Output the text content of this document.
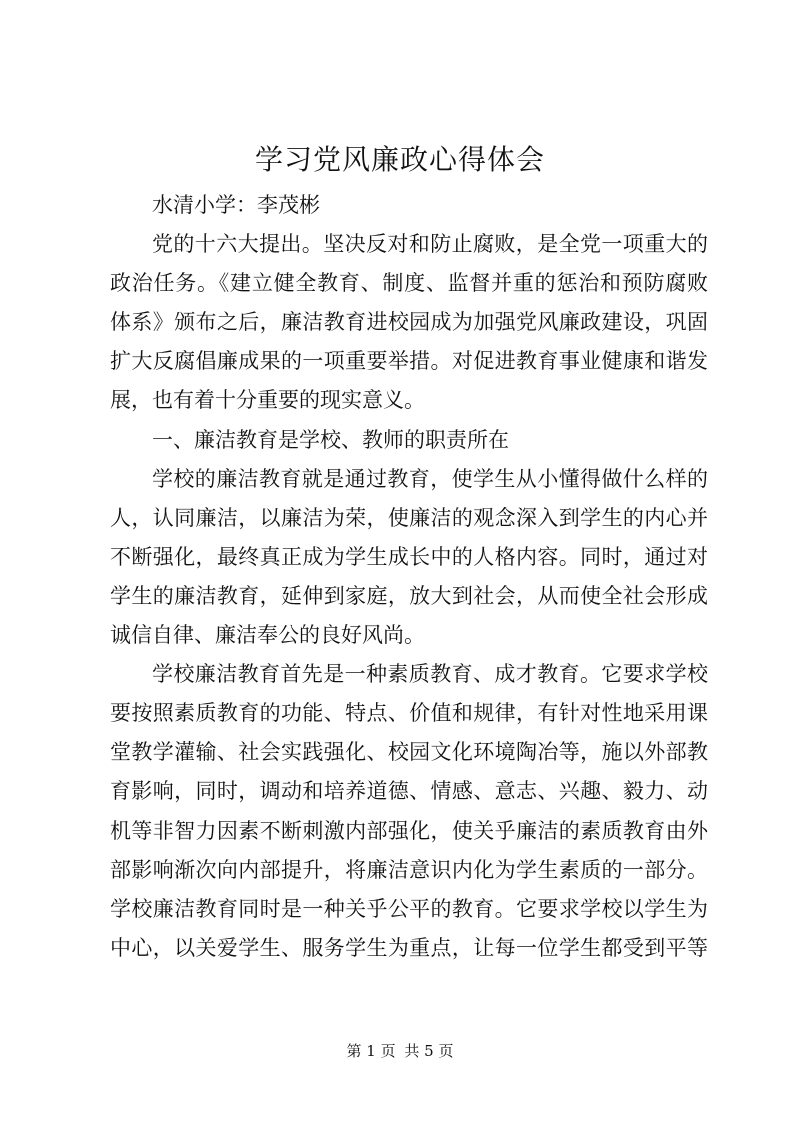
学习党风廉政心得体会
水清小学：李茂彬
党的十六大提出。坚决反对和防止腐败，是全党一项重大的
政治任务。《建立健全教育、制度、监督并重的惩治和预防腐败
体系》颁布之后，廉洁教育进校园成为加强党风廉政建设，巩固
扩大反腐倡廉成果的一项重要举措。对促进教育事业健康和谐发
展，也有着十分重要的现实意义。
一、廉洁教育是学校、教师的职责所在
学校的廉洁教育就是通过教育，使学生从小懂得做什么样的
人，认同廉洁，以廉洁为荣，使廉洁的观念深入到学生的内心并
不断强化，最终真正成为学生成长中的人格内容。同时，通过对
学生的廉洁教育，延伸到家庭，放大到社会，从而使全社会形成
诚信自律、廉洁奉公的良好风尚。
学校廉洁教育首先是一种素质教育、成才教育。它要求学校
要按照素质教育的功能、特点、价值和规律，有针对性地采用课
堂教学灌输、社会实践强化、校园文化环境陶冶等，施以外部教
育影响，同时，调动和培养道德、情感、意志、兴趣、毅力、动
机等非智力因素不断刺激内部强化，使关乎廉洁的素质教育由外
部影响渐次向内部提升，将廉洁意识内化为学生素质的一部分。
学校廉洁教育同时是一种关乎公平的教育。它要求学校以学生为
中心，以关爱学生、服务学生为重点，让每一位学生都受到平等
第 1 页 共 5 页
